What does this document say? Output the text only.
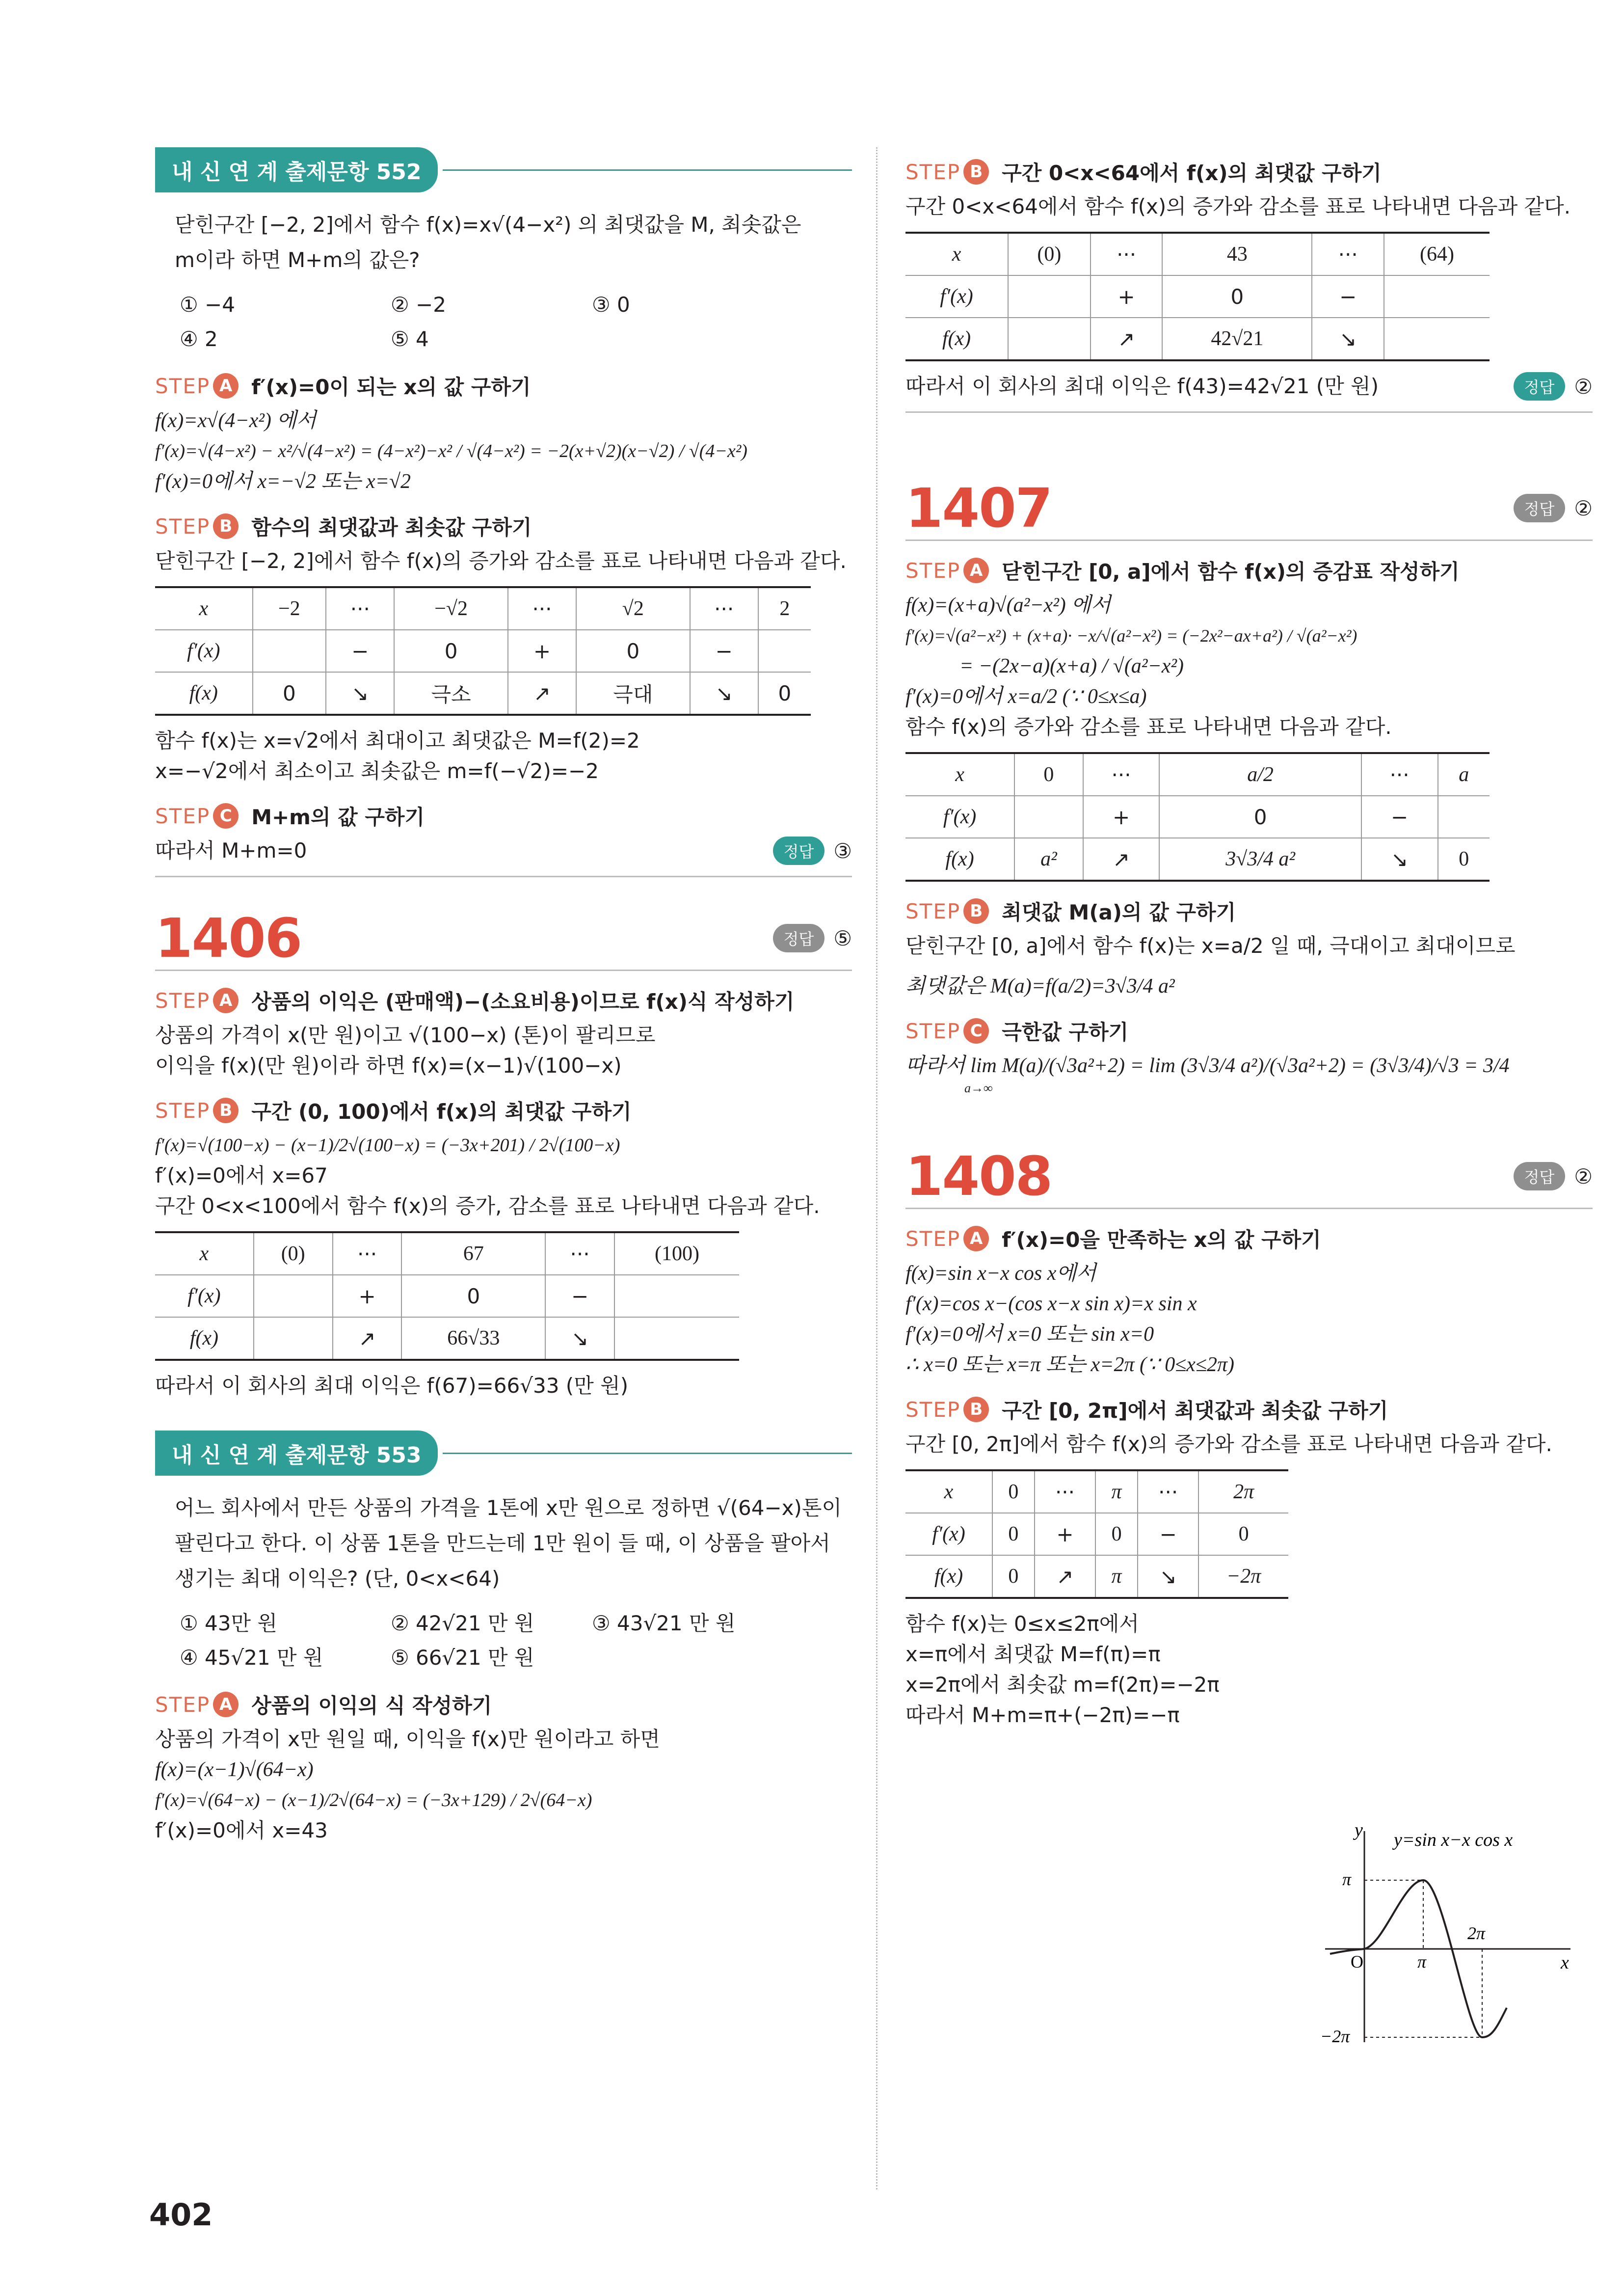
내 신 연 계 출제문항 552
닫힌구간 [−2, 2]에서 함수 f(x)=x√(4−x²) 의 최댓값을 M, 최솟값은
m이라 하면 M+m의 값은?
① −4	② −2	③ 0
④ 2	⑤ 4
STEP A f′(x)=0이 되는 x의 값 구하기
f(x)=x√(4−x²) 에서
f′(x)=√(4−x²) − x²/√(4−x²) = (4−x²)−x² / √(4−x²) = −2(x+√2)(x−√2) / √(4−x²)
f′(x)=0에서 x=−√2 또는 x=√2
STEP B 함수의 최댓값과 최솟값 구하기
닫힌구간 [−2, 2]에서 함수 f(x)의 증가와 감소를 표로 나타내면 다음과 같다.
x	−2	···	−√2	···	√2	···	2
f′(x)		−	0	+	0	−	
f(x)	0	↘	극소	↗	극대	↘	0
함수 f(x)는 x=√2에서 최대이고 최댓값은 M=f(2)=2
x=−√2에서 최소이고 최솟값은 m=f(−√2)=−2
STEP C M+m의 값 구하기
따라서 M+m=0	정답 ③
1406	정답 ⑤
STEP A 상품의 이익은 (판매액)−(소요비용)이므로 f(x)식 작성하기
상품의 가격이 x(만 원)이고 √(100−x) (톤)이 팔리므로
이익을 f(x)(만 원)이라 하면 f(x)=(x−1)√(100−x)
STEP B 구간 (0, 100)에서 f(x)의 최댓값 구하기
f′(x)=√(100−x) − (x−1)/2√(100−x) = (−3x+201) / 2√(100−x)
f′(x)=0에서 x=67
구간 0<x<100에서 함수 f(x)의 증가, 감소를 표로 나타내면 다음과 같다.
x	(0)	···	67	···	(100)
f′(x)		+	0	−	
f(x)		↗	66√33	↘	
따라서 이 회사의 최대 이익은 f(67)=66√33 (만 원)
내 신 연 계 출제문항 553
어느 회사에서 만든 상품의 가격을 1톤에 x만 원으로 정하면 √(64−x)톤이
팔린다고 한다. 이 상품 1톤을 만드는데 1만 원이 들 때, 이 상품을 팔아서
생기는 최대 이익은? (단, 0<x<64)
① 43만 원	② 42√21 만 원	③ 43√21 만 원
④ 45√21 만 원	⑤ 66√21 만 원
STEP A 상품의 이익의 식 작성하기
상품의 가격이 x만 원일 때, 이익을 f(x)만 원이라고 하면
f(x)=(x−1)√(64−x)
f′(x)=√(64−x) − (x−1)/2√(64−x) = (−3x+129) / 2√(64−x)
f′(x)=0에서 x=43
STEP B 구간 0<x<64에서 f(x)의 최댓값 구하기
구간 0<x<64에서 함수 f(x)의 증가와 감소를 표로 나타내면 다음과 같다.
x	(0)	···	43	···	(64)
f′(x)		+	0	−	
f(x)		↗	42√21	↘	
따라서 이 회사의 최대 이익은 f(43)=42√21 (만 원)	정답 ②
1407	정답 ②
STEP A 닫힌구간 [0, a]에서 함수 f(x)의 증감표 작성하기
f(x)=(x+a)√(a²−x²) 에서
f′(x)=√(a²−x²) + (x+a)· −x/√(a²−x²) = (−2x²−ax+a²) / √(a²−x²)
= −(2x−a)(x+a) / √(a²−x²)
f′(x)=0에서 x=a/2 (∵ 0≤x≤a)
함수 f(x)의 증가와 감소를 표로 나타내면 다음과 같다.
x	0	···	a/2	···	a
f′(x)		+	0	−	
f(x)	a²	↗	3√3/4 a²	↘	0
STEP B 최댓값 M(a)의 값 구하기
닫힌구간 [0, a]에서 함수 f(x)는 x=a/2 일 때, 극대이고 최대이므로
최댓값은 M(a)=f(a/2)=3√3/4 a²
STEP C 극한값 구하기
따라서 lim M(a)/(√3a²+2) = lim (3√3/4 a²)/(√3a²+2) = (3√3/4)/√3 = 3/4
a→∞
1408	정답 ②
STEP A f′(x)=0을 만족하는 x의 값 구하기
f(x)=sin x−x cos x에서
f′(x)=cos x−(cos x−x sin x)=x sin x
f′(x)=0에서 x=0 또는 sin x=0
∴ x=0 또는 x=π 또는 x=2π (∵ 0≤x≤2π)
STEP B 구간 [0, 2π]에서 최댓값과 최솟값 구하기
구간 [0, 2π]에서 함수 f(x)의 증가와 감소를 표로 나타내면 다음과 같다.
x	0	···	π	···	2π
f′(x)	0	+	0	−	0
f(x)	0	↗	π	↘	−2π
함수 f(x)는 0≤x≤2π에서
x=π에서 최댓값 M=f(π)=π
x=2π에서 최솟값 m=f(2π)=−2π
따라서 M+m=π+(−2π)=−π
y
x
O	π
2π
π
−2π
y=sin x−x cos x
402
